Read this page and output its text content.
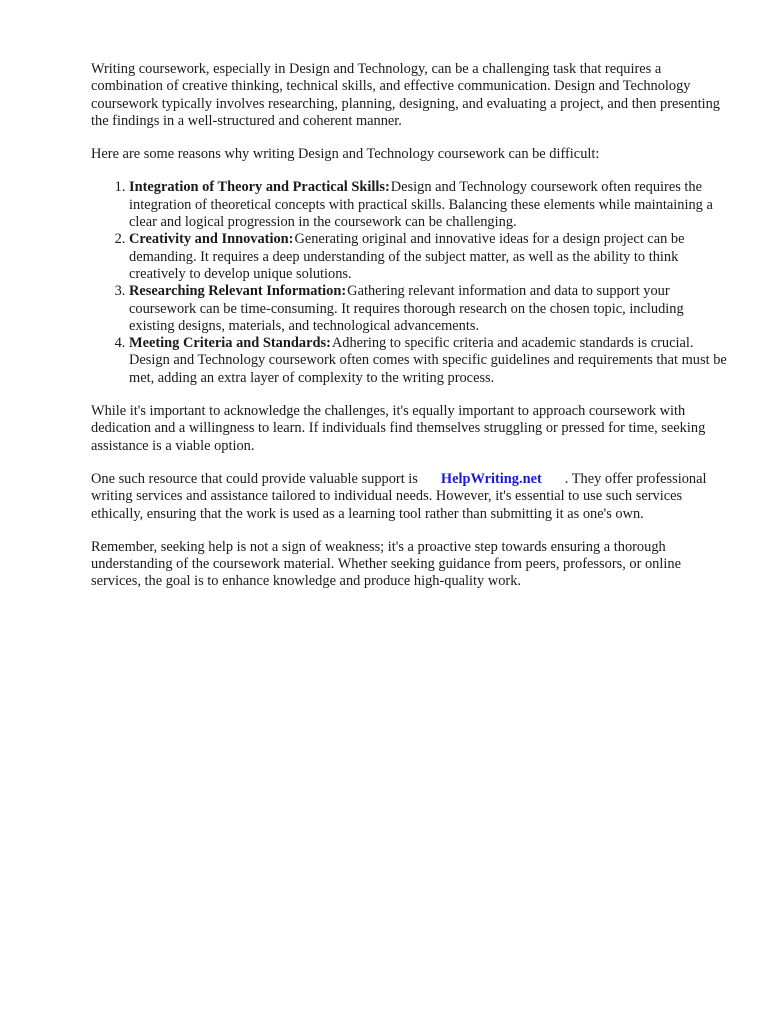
Writing coursework, especially in Design and Technology, can be a challenging task that requires a combination of creative thinking, technical skills, and effective communication. Design and Technology coursework typically involves researching, planning, designing, and evaluating a project, and then presenting the findings in a well-structured and coherent manner.

Here are some reasons why writing Design and Technology coursework can be difficult:

1. Integration of Theory and Practical Skills:Design and Technology coursework often requires the integration of theoretical concepts with practical skills. Balancing these elements while maintaining a clear and logical progression in the coursework can be challenging.
2. Creativity and Innovation:Generating original and innovative ideas for a design project can be demanding. It requires a deep understanding of the subject matter, as well as the ability to think creatively to develop unique solutions.
3. Researching Relevant Information:Gathering relevant information and data to support your coursework can be time-consuming. It requires thorough research on the chosen topic, including existing designs, materials, and technological advancements.
4. Meeting Criteria and Standards:Adhering to specific criteria and academic standards is crucial. Design and Technology coursework often comes with specific guidelines and requirements that must be met, adding an extra layer of complexity to the writing process.

While it's important to acknowledge the challenges, it's equally important to approach coursework with dedication and a willingness to learn. If individuals find themselves struggling or pressed for time, seeking assistance is a viable option.

One such resource that could provide valuable support is HelpWriting.net . They offer professional writing services and assistance tailored to individual needs. However, it's essential to use such services ethically, ensuring that the work is used as a learning tool rather than submitting it as one's own.

Remember, seeking help is not a sign of weakness; it's a proactive step towards ensuring a thorough understanding of the coursework material. Whether seeking guidance from peers, professors, or online services, the goal is to enhance knowledge and produce high-quality work.
